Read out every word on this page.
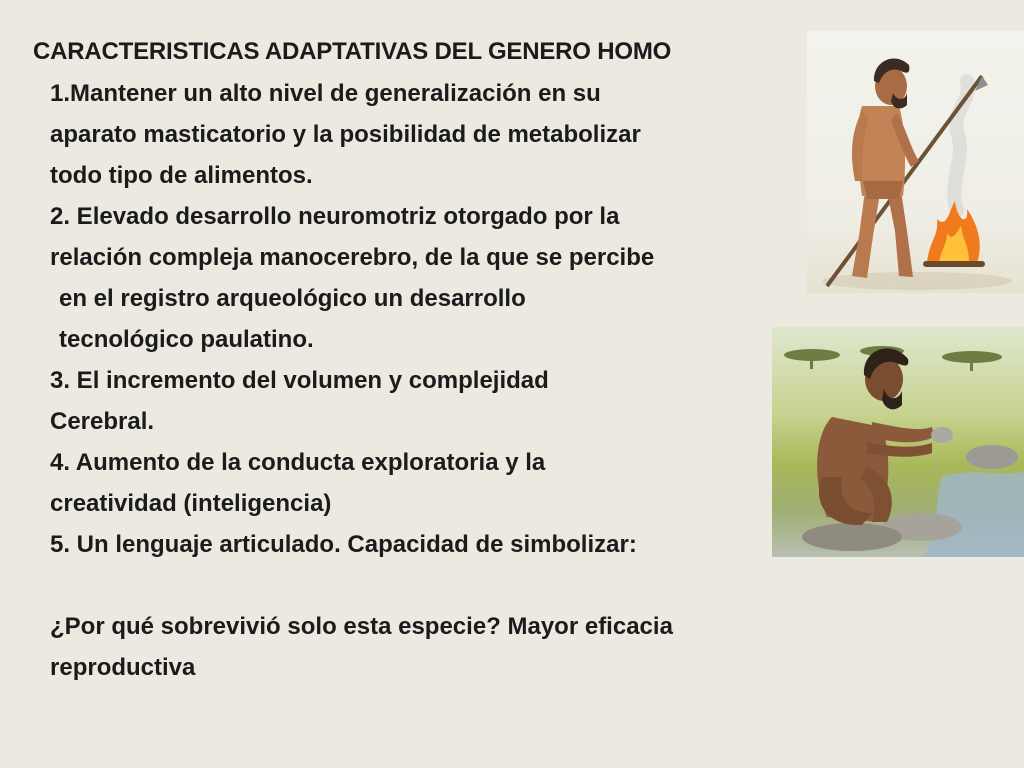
CARACTERISTICAS ADAPTATIVAS DEL GENERO HOMO
1.Mantener un alto nivel de generalización en su
aparato masticatorio y la posibilidad de metabolizar
todo tipo de alimentos.
2. Elevado desarrollo neuromotriz otorgado por la
relación compleja manocerebro, de la que se percibe
en el registro arqueológico un desarrollo
tecnológico paulatino.
3. El incremento del volumen y complejidad
Cerebral.
4. Aumento de la conducta exploratoria y la
creatividad (inteligencia)
5. Un lenguaje articulado. Capacidad de simbolizar:
¿Por qué sobrevivió solo esta especie? Mayor eficacia
reproductiva
